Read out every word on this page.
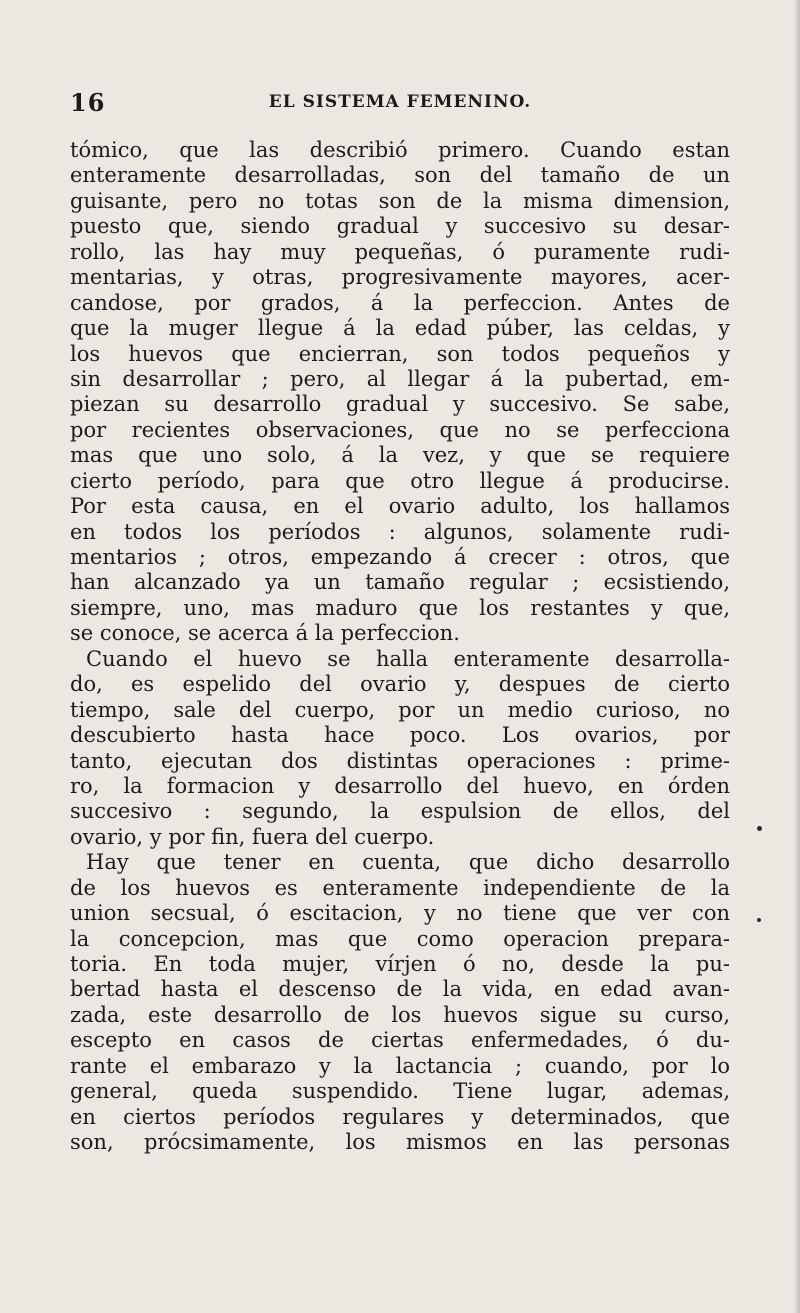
16	EL SISTEMA FEMENINO.
tómico, que las describió primero. Cuando estan
enteramente desarrolladas, son del tamaño de un
guisante, pero no totas son de la misma dimension,
puesto que, siendo gradual y succesivo su desar-
rollo, las hay muy pequeñas, ó puramente rudi-
mentarias, y otras, progresivamente mayores, acer-
candose, por grados, á la perfeccion. Antes de
que la muger llegue á la edad púber, las celdas, y
los huevos que encierran, son todos pequeños y
sin desarrollar ; pero, al llegar á la pubertad, em-
piezan su desarrollo gradual y succesivo. Se sabe,
por recientes observaciones, que no se perfecciona
mas que uno solo, á la vez, y que se requiere
cierto período, para que otro llegue á producirse.
Por esta causa, en el ovario adulto, los hallamos
en todos los períodos : algunos, solamente rudi-
mentarios ; otros, empezando á crecer : otros, que
han alcanzado ya un tamaño regular ; ecsistiendo,
siempre, uno, mas maduro que los restantes y que,
se conoce, se acerca á la perfeccion.
Cuando el huevo se halla enteramente desarrolla-
do, es espelido del ovario y, despues de cierto
tiempo, sale del cuerpo, por un medio curioso, no
descubierto hasta hace poco. Los ovarios, por
tanto, ejecutan dos distintas operaciones : prime-
ro, la formacion y desarrollo del huevo, en órden
succesivo : segundo, la espulsion de ellos, del
ovario, y por fin, fuera del cuerpo.
Hay que tener en cuenta, que dicho desarrollo
de los huevos es enteramente independiente de la
union secsual, ó escitacion, y no tiene que ver con
la concepcion, mas que como operacion prepara-
toria. En toda mujer, vírjen ó no, desde la pu-
bertad hasta el descenso de la vida, en edad avan-
zada, este desarrollo de los huevos sigue su curso,
escepto en casos de ciertas enfermedades, ó du-
rante el embarazo y la lactancia ; cuando, por lo
general, queda suspendido. Tiene lugar, ademas,
en ciertos períodos regulares y determinados, que
son, prócsimamente, los mismos en las personas
